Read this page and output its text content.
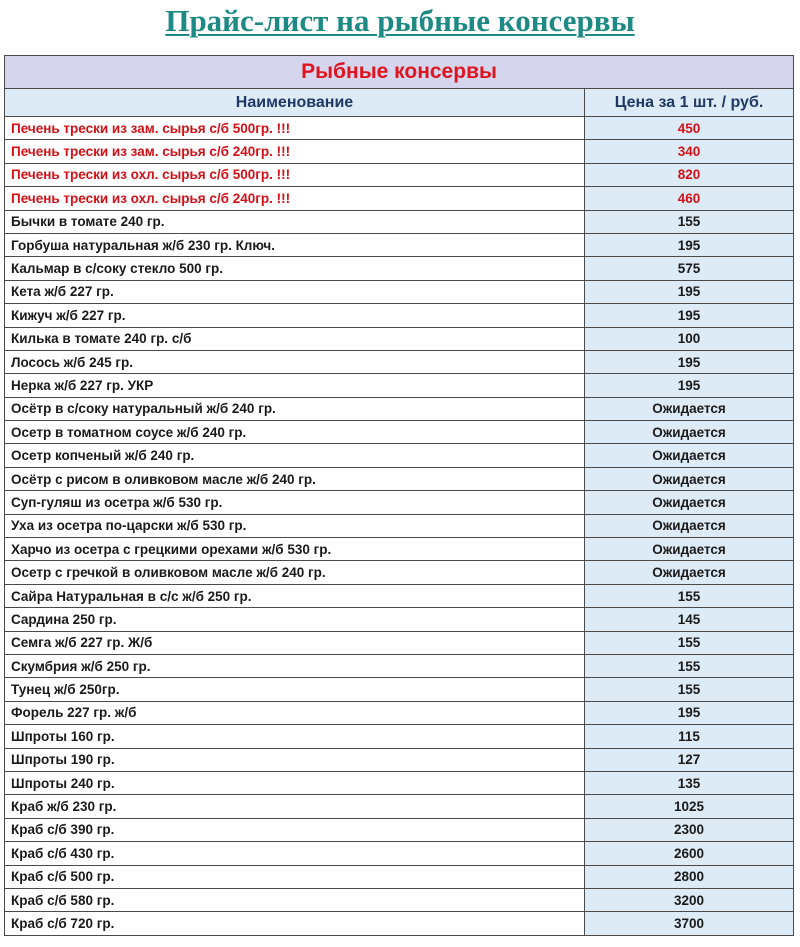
Прайс-лист на рыбные консервы
Рыбные консервы	
Наименование	Цена за 1 шт. / руб.
Печень трески из зам. сырья с/б 500гр. !!!	450
Печень трески из зам. сырья с/б 240гр. !!!	340
Печень трески из охл. сырья с/б 500гр. !!!	820
Печень трески из охл. сырья с/б 240гр. !!!	460
Бычки в томате 240 гр.	155
Горбуша натуральная ж/б 230 гр. Ключ.	195
Кальмар в с/соку стекло 500 гр.	575
Кета ж/б 227 гр.	195
Кижуч ж/б 227 гр.	195
Килька в томате 240 гр. с/б	100
Лосось ж/б 245 гр.	195
Нерка ж/б 227 гр. УКР	195
Осётр в с/соку натуральный ж/б 240 гр.	Ожидается
Осетр в томатном соусе ж/б 240 гр.	Ожидается
Осетр копченый ж/б 240 гр.	Ожидается
Осётр с рисом в оливковом масле ж/б 240 гр.	Ожидается
Суп-гуляш из осетра ж/б 530 гр.	Ожидается
Уха из осетра по-царски ж/б 530 гр.	Ожидается
Харчо из осетра с грецкими орехами ж/б 530 гр.	Ожидается
Осетр с гречкой в оливковом масле ж/б 240 гр.	Ожидается
Сайра Натуральная в с/с ж/б 250 гр.	155
Сардина 250 гр.	145
Семга ж/б 227 гр. Ж/б	155
Скумбрия ж/б 250 гр.	155
Тунец ж/б 250гр.	155
Форель 227 гр. ж/б	195
Шпроты 160 гр.	115
Шпроты 190 гр.	127
Шпроты 240 гр.	135
Краб ж/б 230 гр.	1025
Краб с/б 390 гр.	2300
Краб с/б 430 гр.	2600
Краб с/б 500 гр.	2800
Краб с/б 580 гр.	3200
Краб с/б 720 гр.	3700
